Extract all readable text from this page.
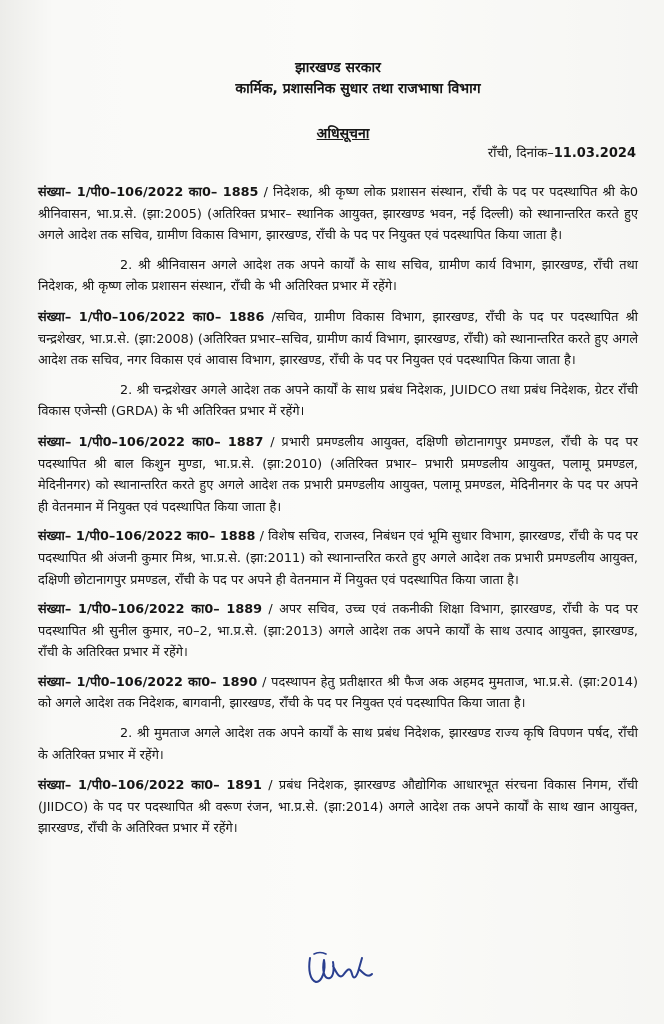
झारखण्ड सरकार
कार्मिक, प्रशासनिक सुधार तथा राजभाषा विभाग
अधिसूचना
राँची, दिनांक–11.03.2024

संख्या– 1/पी0–106/2022 का0– 1885 / निदेशक, श्री कृष्ण लोक प्रशासन संस्थान, राँची के पद पर पदस्थापित श्री के0 श्रीनिवासन, भा.प्र.से. (झा:2005) (अतिरिक्त प्रभार– स्थानिक आयुक्त, झारखण्ड भवन, नई दिल्ली) को स्थानान्तरित करते हुए अगले आदेश तक सचिव, ग्रामीण विकास विभाग, झारखण्ड, राँची के पद पर नियुक्त एवं पदस्थापित किया जाता है।

2. श्री श्रीनिवासन अगले आदेश तक अपने कार्यों के साथ सचिव, ग्रामीण कार्य विभाग, झारखण्ड, राँची तथा निदेशक, श्री कृष्ण लोक प्रशासन संस्थान, राँची के भी अतिरिक्त प्रभार में रहेंगे।

संख्या– 1/पी0–106/2022 का0– 1886 /सचिव, ग्रामीण विकास विभाग, झारखण्ड, राँची के पद पर पदस्थापित श्री चन्द्रशेखर, भा.प्र.से. (झा:2008) (अतिरिक्त प्रभार–सचिव, ग्रामीण कार्य विभाग, झारखण्ड, राँची) को स्थानान्तरित करते हुए अगले आदेश तक सचिव, नगर विकास एवं आवास विभाग, झारखण्ड, राँची के पद पर नियुक्त एवं पदस्थापित किया जाता है।

2. श्री चन्द्रशेखर अगले आदेश तक अपने कार्यों के साथ प्रबंध निदेशक, JUIDCO तथा प्रबंध निदेशक, ग्रेटर राँची विकास एजेन्सी (GRDA) के भी अतिरिक्त प्रभार में रहेंगे।

संख्या– 1/पी0–106/2022 का0– 1887 / प्रभारी प्रमण्डलीय आयुक्त, दक्षिणी छोटानागपुर प्रमण्डल, राँची के पद पर पदस्थापित श्री बाल किशुन मुण्डा, भा.प्र.से. (झा:2010) (अतिरिक्त प्रभार– प्रभारी प्रमण्डलीय आयुक्त, पलामू प्रमण्डल, मेदिनीनगर) को स्थानान्तरित करते हुए अगले आदेश तक प्रभारी प्रमण्डलीय आयुक्त, पलामू प्रमण्डल, मेदिनीनगर के पद पर अपने ही वेतनमान में नियुक्त एवं पदस्थापित किया जाता है।

संख्या– 1/पी0–106/2022 का0– 1888 / विशेष सचिव, राजस्व, निबंधन एवं भूमि सुधार विभाग, झारखण्ड, राँची के पद पर पदस्थापित श्री अंजनी कुमार मिश्र, भा.प्र.से. (झा:2011) को स्थानान्तरित करते हुए अगले आदेश तक प्रभारी प्रमण्डलीय आयुक्त, दक्षिणी छोटानागपुर प्रमण्डल, राँची के पद पर अपने ही वेतनमान में नियुक्त एवं पदस्थापित किया जाता है।

संख्या– 1/पी0–106/2022 का0– 1889 / अपर सचिव, उच्च एवं तकनीकी शिक्षा विभाग, झारखण्ड, राँची के पद पर पदस्थापित श्री सुनील कुमार, न0–2, भा.प्र.से. (झा:2013) अगले आदेश तक अपने कार्यों के साथ उत्पाद आयुक्त, झारखण्ड, राँची के अतिरिक्त प्रभार में रहेंगे।

संख्या– 1/पी0–106/2022 का0– 1890 / पदस्थापन हेतु प्रतीक्षारत श्री फैज अक अहमद मुमताज, भा.प्र.से. (झा:2014) को अगले आदेश तक निदेशक, बागवानी, झारखण्ड, राँची के पद पर नियुक्त एवं पदस्थापित किया जाता है।

2. श्री मुमताज अगले आदेश तक अपने कार्यों के साथ प्रबंध निदेशक, झारखण्ड राज्य कृषि विपणन पर्षद, राँची के अतिरिक्त प्रभार में रहेंगे।

संख्या– 1/पी0–106/2022 का0– 1891 / प्रबंध निदेशक, झारखण्ड औद्योगिक आधारभूत संरचना विकास निगम, राँची (JIIDCO) के पद पर पदस्थापित श्री वरूण रंजन, भा.प्र.से. (झा:2014) अगले आदेश तक अपने कार्यों के साथ खान आयुक्त, झारखण्ड, राँची के अतिरिक्त प्रभार में रहेंगे।
